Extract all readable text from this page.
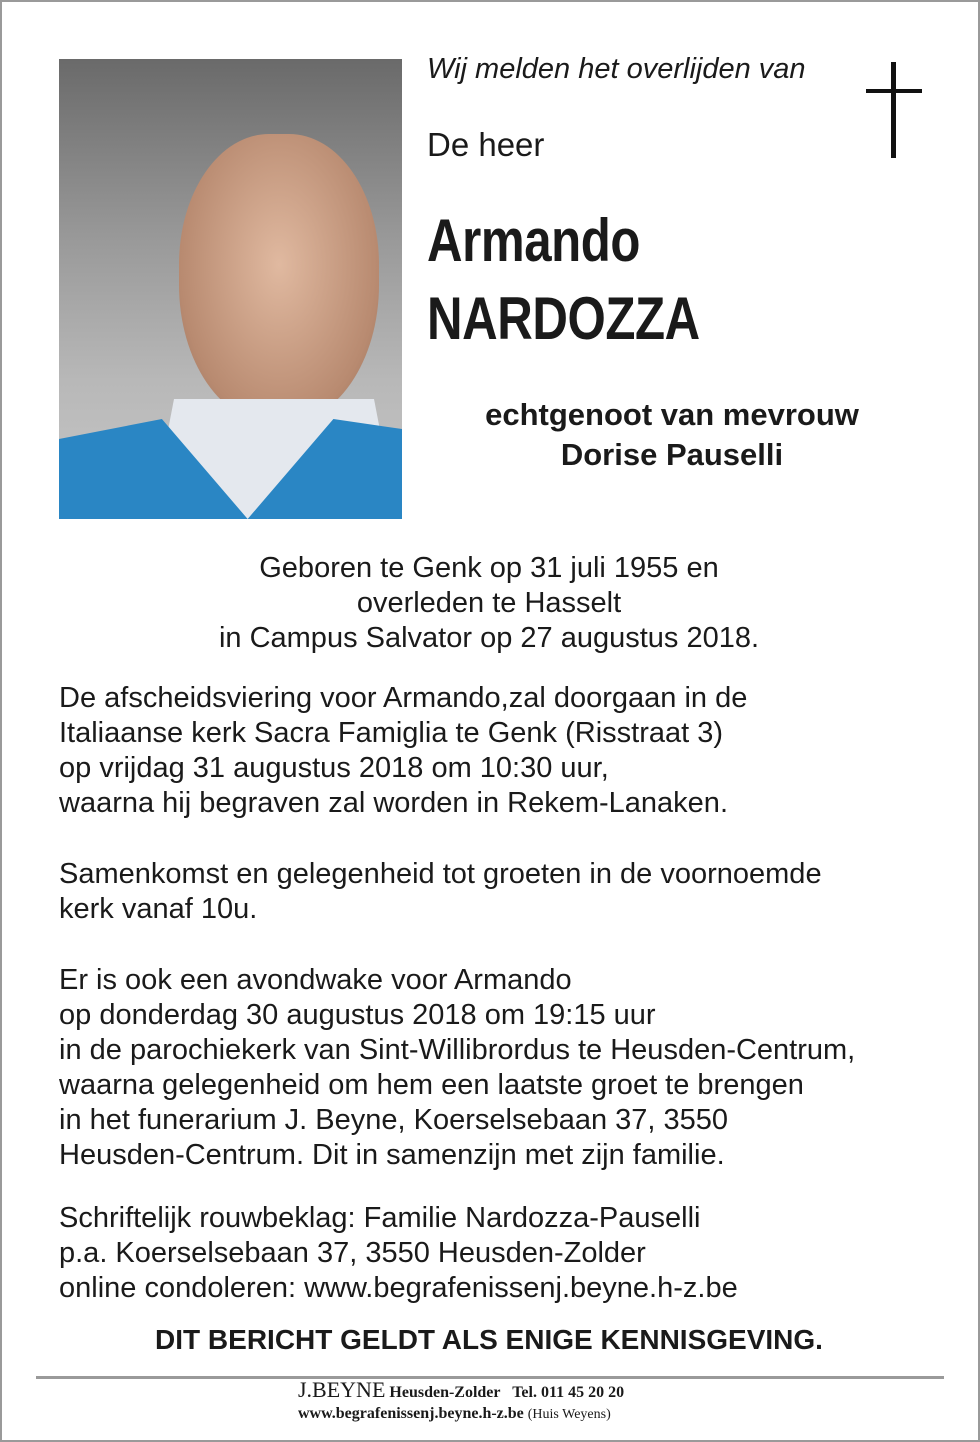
Wij melden het overlijden van
De heer
Armando
NARDOZZA
echtgenoot van mevrouw
Dorise Pauselli
Geboren te Genk op 31 juli 1955 en
overleden te Hasselt
in Campus Salvator op 27 augustus 2018.
De afscheidsviering voor Armando,zal doorgaan in de
Italiaanse kerk Sacra Famiglia te Genk (Risstraat 3)
op vrijdag 31 augustus 2018 om 10:30 uur,
waarna hij begraven zal worden in Rekem-Lanaken.
Samenkomst en gelegenheid tot groeten in de voornoemde
kerk vanaf 10u.
Er is ook een avondwake voor Armando
op donderdag 30 augustus 2018 om 19:15 uur
in de parochiekerk van Sint-Willibrordus te Heusden-Centrum,
waarna gelegenheid om hem een laatste groet te brengen
in het funerarium J. Beyne, Koerselsebaan 37, 3550
Heusden-Centrum. Dit in samenzijn met zijn familie.
Schriftelijk rouwbeklag: Familie Nardozza-Pauselli
p.a. Koerselsebaan 37, 3550 Heusden-Zolder
online condoleren: www.begrafenissenj.beyne.h-z.be
DIT BERICHT GELDT ALS ENIGE KENNISGEVING.
J.BEYNE Heusden-Zolder Tel. 011 45 20 20
www.begrafenissenj.beyne.h-z.be (Huis Weyens)
